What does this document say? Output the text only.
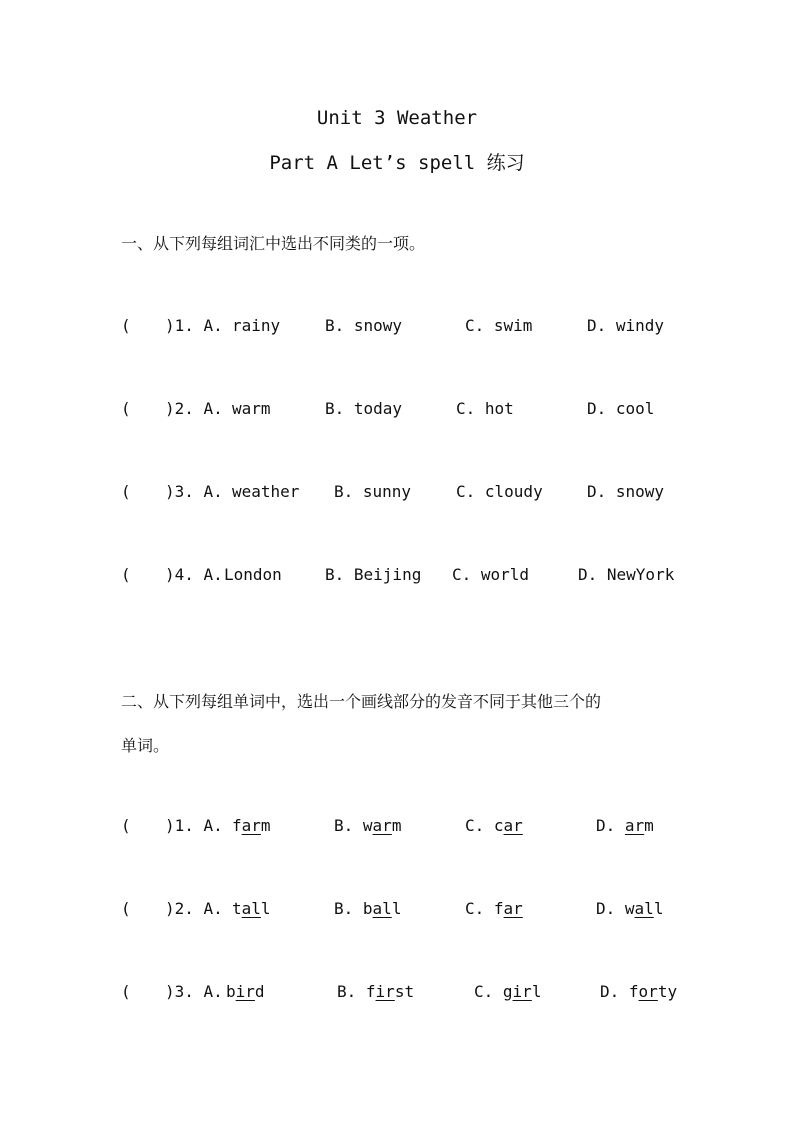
Unit 3 Weather
Part A Let’s spell 练习
一、从下列每组词汇中选出不同类的一项。
( )1. A. rainy	B. snowy	C. swim	D. windy
( )2. A. warm	B. today	C. hot	D. cool
( )3. A. weather B. sunny	C. cloudy	D. snowy
( )4. A. London	B. Beijing C. world	D. NewYork
二、从下列每组单词中，选出一个画线部分的发音不同于其他三个的
单词。
( )1. A. farm	B. warm	C. car	D. arm
( )2. A. tall	B. ball	C. far	D. wall
( )3. A. bird	B. first	C. girl	D. forty
